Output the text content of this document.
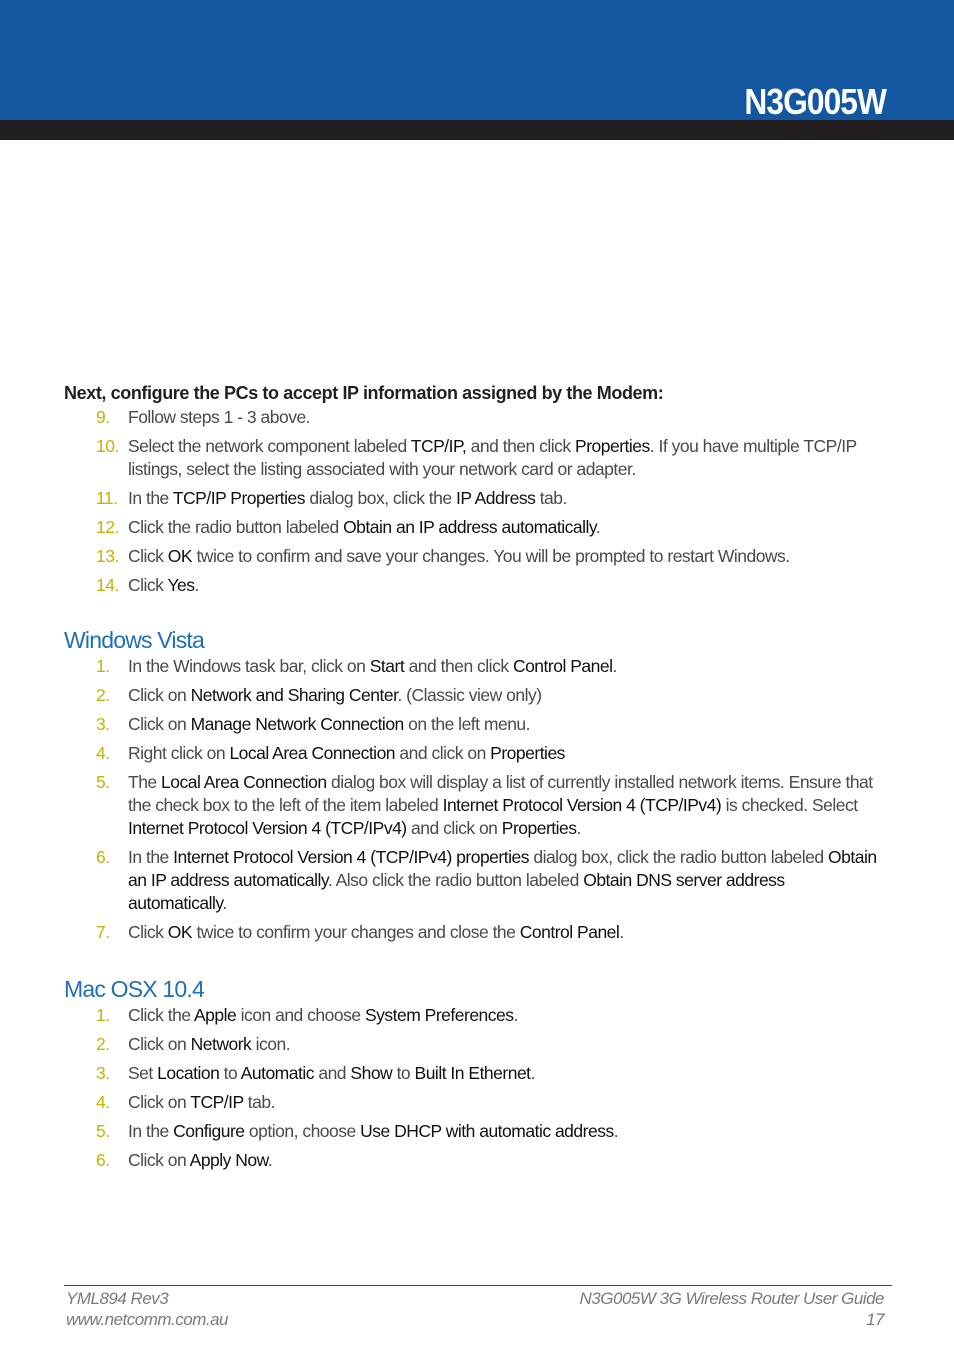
N3G005W

Next, configure the PCs to accept IP information assigned by the Modem:

9. Follow steps 1 - 3 above.
10. Select the network component labeled TCP/IP, and then click Properties. If you have multiple TCP/IP listings, select the listing associated with your network card or adapter.
11. In the TCP/IP Properties dialog box, click the IP Address tab.
12. Click the radio button labeled Obtain an IP address automatically.
13. Click OK twice to confirm and save your changes. You will be prompted to restart Windows.
14. Click Yes.
Windows Vista
1. In the Windows task bar, click on Start and then click Control Panel.
2. Click on Network and Sharing Center. (Classic view only)
3. Click on Manage Network Connection on the left menu.
4. Right click on Local Area Connection and click on Properties
5. The Local Area Connection dialog box will display a list of currently installed network items. Ensure that the check box to the left of the item labeled Internet Protocol Version 4 (TCP/IPv4) is checked. Select Internet Protocol Version 4 (TCP/IPv4) and click on Properties.
6. In the Internet Protocol Version 4 (TCP/IPv4) properties dialog box, click the radio button labeled Obtain an IP address automatically. Also click the radio button labeled Obtain DNS server address automatically.
7. Click OK twice to confirm your changes and close the Control Panel.
Mac OSX 10.4
1. Click the Apple icon and choose System Preferences.
2. Click on Network icon.
3. Set Location to Automatic and Show to Built In Ethernet.
4. Click on TCP/IP tab.
5. In the Configure option, choose Use DHCP with automatic address.
6. Click on Apply Now.
YML894 Rev3
www.netcomm.com.au
N3G005W 3G Wireless Router User Guide
17
